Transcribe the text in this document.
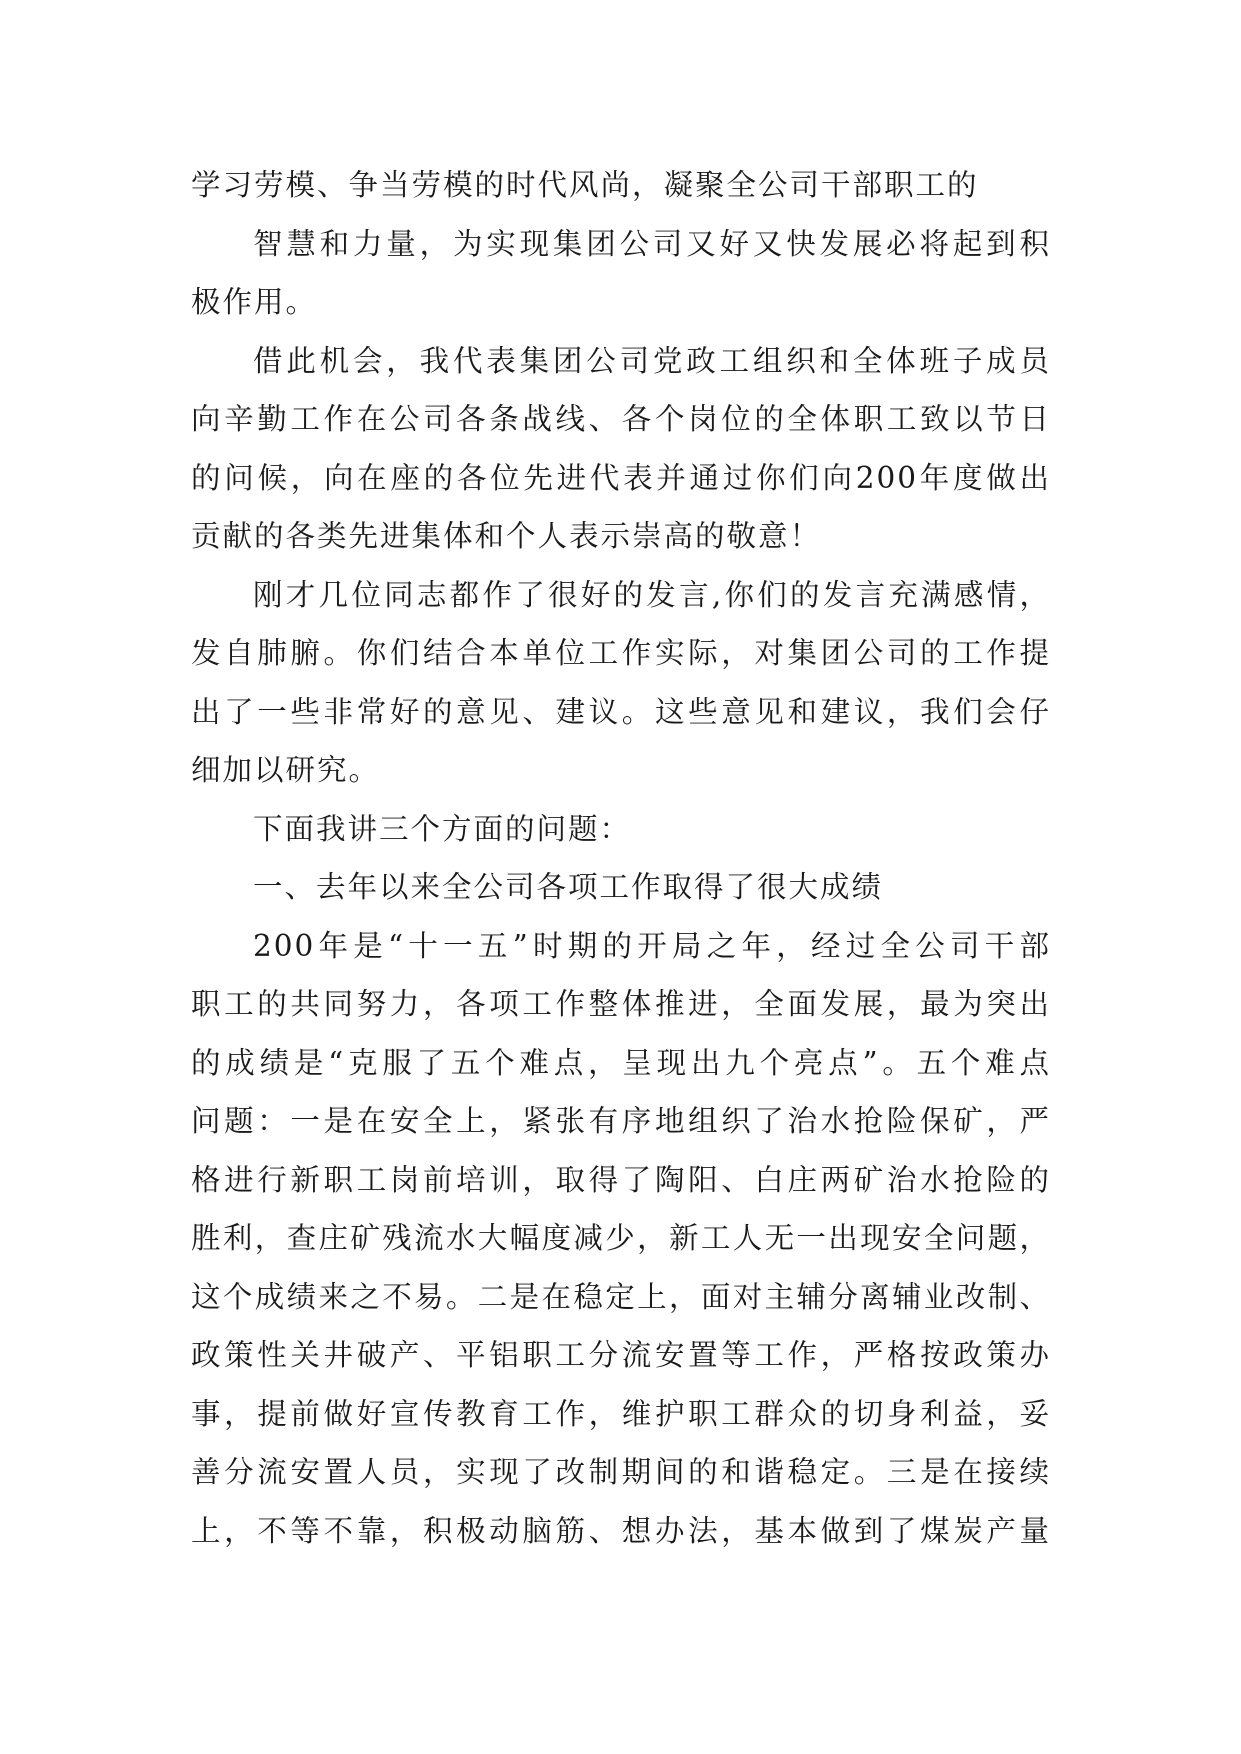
学习劳模、争当劳模的时代风尚，凝聚全公司干部职工的
智慧和力量，为实现集团公司又好又快发展必将起到积
极作用。
借此机会，我代表集团公司党政工组织和全体班子成员
向辛勤工作在公司各条战线、各个岗位的全体职工致以节日
的问候，向在座的各位先进代表并通过你们向200年度做出
贡献的各类先进集体和个人表示崇高的敬意！
刚才几位同志都作了很好的发言,你们的发言充满感情，
发自肺腑。你们结合本单位工作实际，对集团公司的工作提
出了一些非常好的意见、建议。这些意见和建议，我们会仔
细加以研究。
下面我讲三个方面的问题：
一、去年以来全公司各项工作取得了很大成绩
200年是“十一五”时期的开局之年，经过全公司干部
职工的共同努力，各项工作整体推进，全面发展，最为突出
的成绩是“克服了五个难点，呈现出九个亮点”。五个难点
问题：一是在安全上，紧张有序地组织了治水抢险保矿，严
格进行新职工岗前培训，取得了陶阳、白庄两矿治水抢险的
胜利，查庄矿残流水大幅度减少，新工人无一出现安全问题，
这个成绩来之不易。二是在稳定上，面对主辅分离辅业改制、
政策性关井破产、平铝职工分流安置等工作，严格按政策办
事，提前做好宣传教育工作，维护职工群众的切身利益，妥
善分流安置人员，实现了改制期间的和谐稳定。三是在接续
上，不等不靠，积极动脑筋、想办法，基本做到了煤炭产量
